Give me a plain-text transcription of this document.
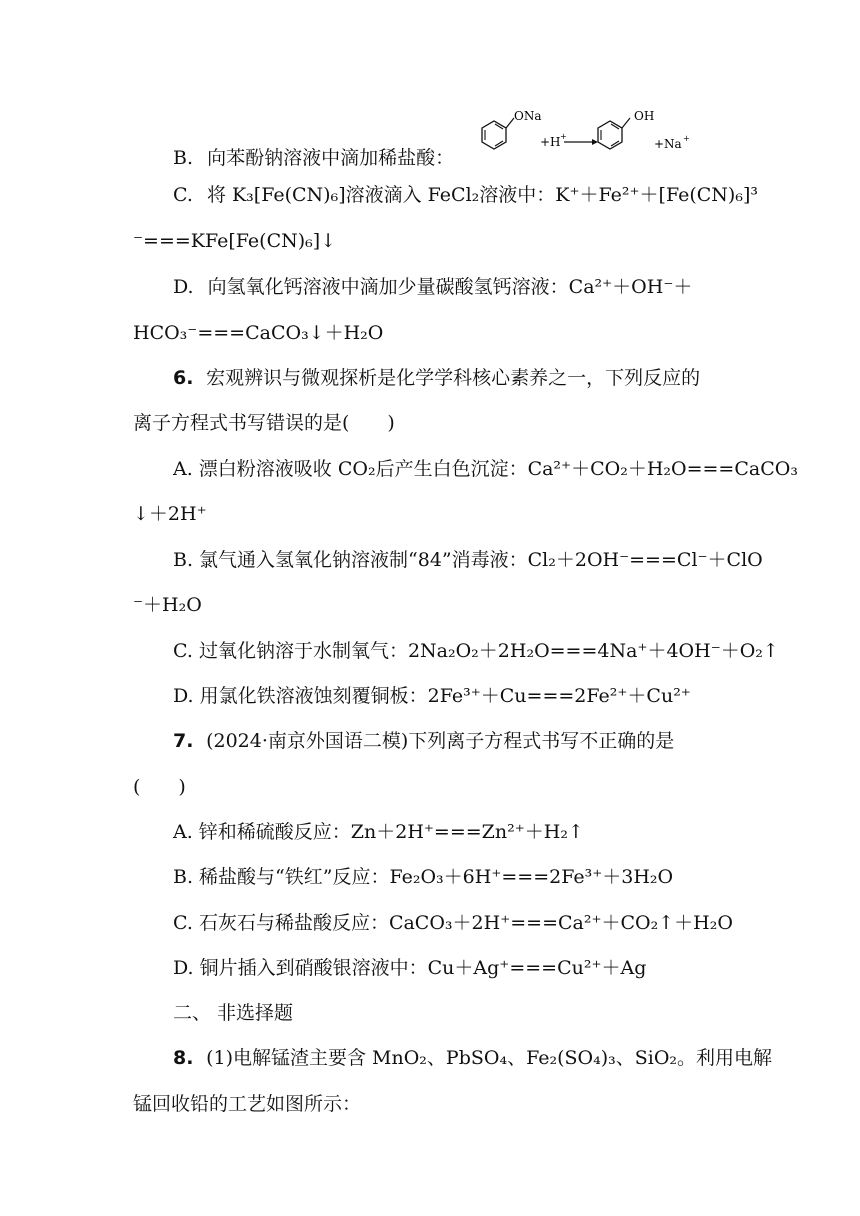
B. 向苯酚钠溶液中滴加稀盐酸：
ONa
+H +
OH
+Na +
C. 将 K₃[Fe(CN)₆]溶液滴入 FeCl₂溶液中：K⁺＋Fe²⁺＋[Fe(CN)₆]³
⁻===KFe[Fe(CN)₆]↓
D. 向氢氧化钙溶液中滴加少量碳酸氢钙溶液：Ca²⁺＋OH⁻＋
HCO₃⁻===CaCO₃↓＋H₂O
6. 宏观辨识与微观探析是化学学科核心素养之一，下列反应的
离子方程式书写错误的是(　　)
A. 漂白粉溶液吸收 CO₂后产生白色沉淀：Ca²⁺＋CO₂＋H₂O===CaCO₃
↓＋2H⁺
B. 氯气通入氢氧化钠溶液制“84”消毒液：Cl₂＋2OH⁻===Cl⁻＋ClO
⁻＋H₂O
C. 过氧化钠溶于水制氧气：2Na₂O₂＋2H₂O===4Na⁺＋4OH⁻＋O₂↑
D. 用氯化铁溶液蚀刻覆铜板：2Fe³⁺＋Cu===2Fe²⁺＋Cu²⁺
7. (2024·南京外国语二模)下列离子方程式书写不正确的是
(　　)
A. 锌和稀硫酸反应：Zn＋2H⁺===Zn²⁺＋H₂↑
B. 稀盐酸与“铁红”反应：Fe₂O₃＋6H⁺===2Fe³⁺＋3H₂O
C. 石灰石与稀盐酸反应：CaCO₃＋2H⁺===Ca²⁺＋CO₂↑＋H₂O
D. 铜片插入到硝酸银溶液中：Cu＋Ag⁺===Cu²⁺＋Ag
二、 非选择题
8. (1)电解锰渣主要含 MnO₂、PbSO₄、Fe₂(SO₄)₃、SiO₂。利用电解
锰回收铅的工艺如图所示：
